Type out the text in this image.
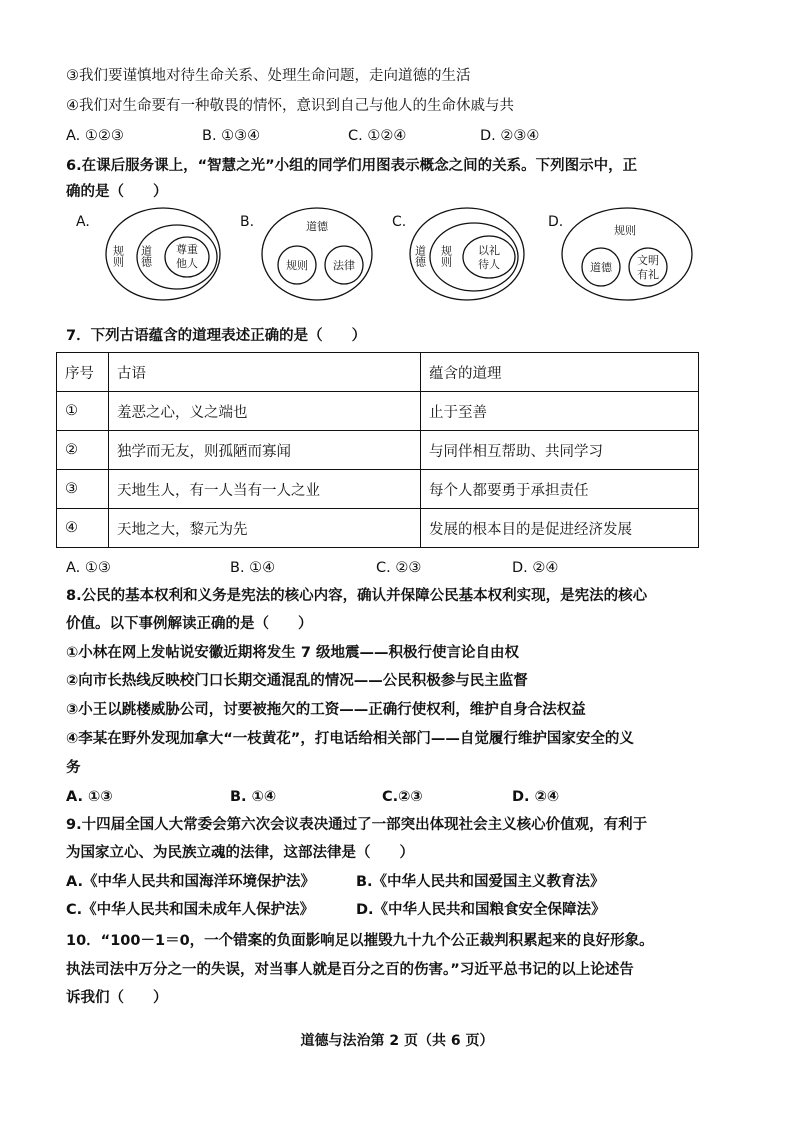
③我们要谨慎地对待生命关系、处理生命问题，走向道德的生活
④我们对生命要有一种敬畏的情怀，意识到自己与他人的生命休戚与共
A. ①②③	B. ①③④	C. ①②④	D. ②③④
6.在课后服务课上，“智慧之光”小组的同学们用图表示概念之间的关系。下列图示中，正
确的是（　　）
A.	B.	C.	D.
规则 道德 尊重
他人
道德
规则 法律	道德 规则 以礼
待人
规则
道德
文明
有礼
7．下列古语蕴含的道理表述正确的是（　　）
序号	古语	蕴含的道理
①	羞恶之心，义之端也	止于至善
②	独学而无友，则孤陋而寡闻	与同伴相互帮助、共同学习
③	天地生人，有一人当有一人之业	每个人都要勇于承担责任
④	天地之大，黎元为先	发展的根本目的是促进经济发展
A. ①③	B. ①④	C. ②③	D. ②④
8.公民的基本权利和义务是宪法的核心内容，确认并保障公民基本权利实现，是宪法的核心
价值。以下事例解读正确的是（　　）
①小林在网上发帖说安徽近期将发生 7 级地震——积极行使言论自由权
②向市长热线反映校门口长期交通混乱的情况——公民积极参与民主监督
③小王以跳楼威胁公司，讨要被拖欠的工资——正确行使权利，维护自身合法权益
④李某在野外发现加拿大“一枝黄花”，打电话给相关部门——自觉履行维护国家安全的义
务
A. ①③	B. ①④	C.②③	D. ②④
9.十四届全国人大常委会第六次会议表决通过了一部突出体现社会主义核心价值观，有利于
为国家立心、为民族立魂的法律，这部法律是（　　）
A.《中华人民共和国海洋环境保护法》	B.《中华人民共和国爱国主义教育法》
C.《中华人民共和国未成年人保护法》	D.《中华人民共和国粮食安全保障法》
10．“100－1＝0，一个错案的负面影响足以摧毁九十九个公正裁判积累起来的良好形象。
执法司法中万分之一的失误，对当事人就是百分之百的伤害。”习近平总书记的以上论述告
诉我们（　　）
道德与法治第 2 页（共 6 页）
